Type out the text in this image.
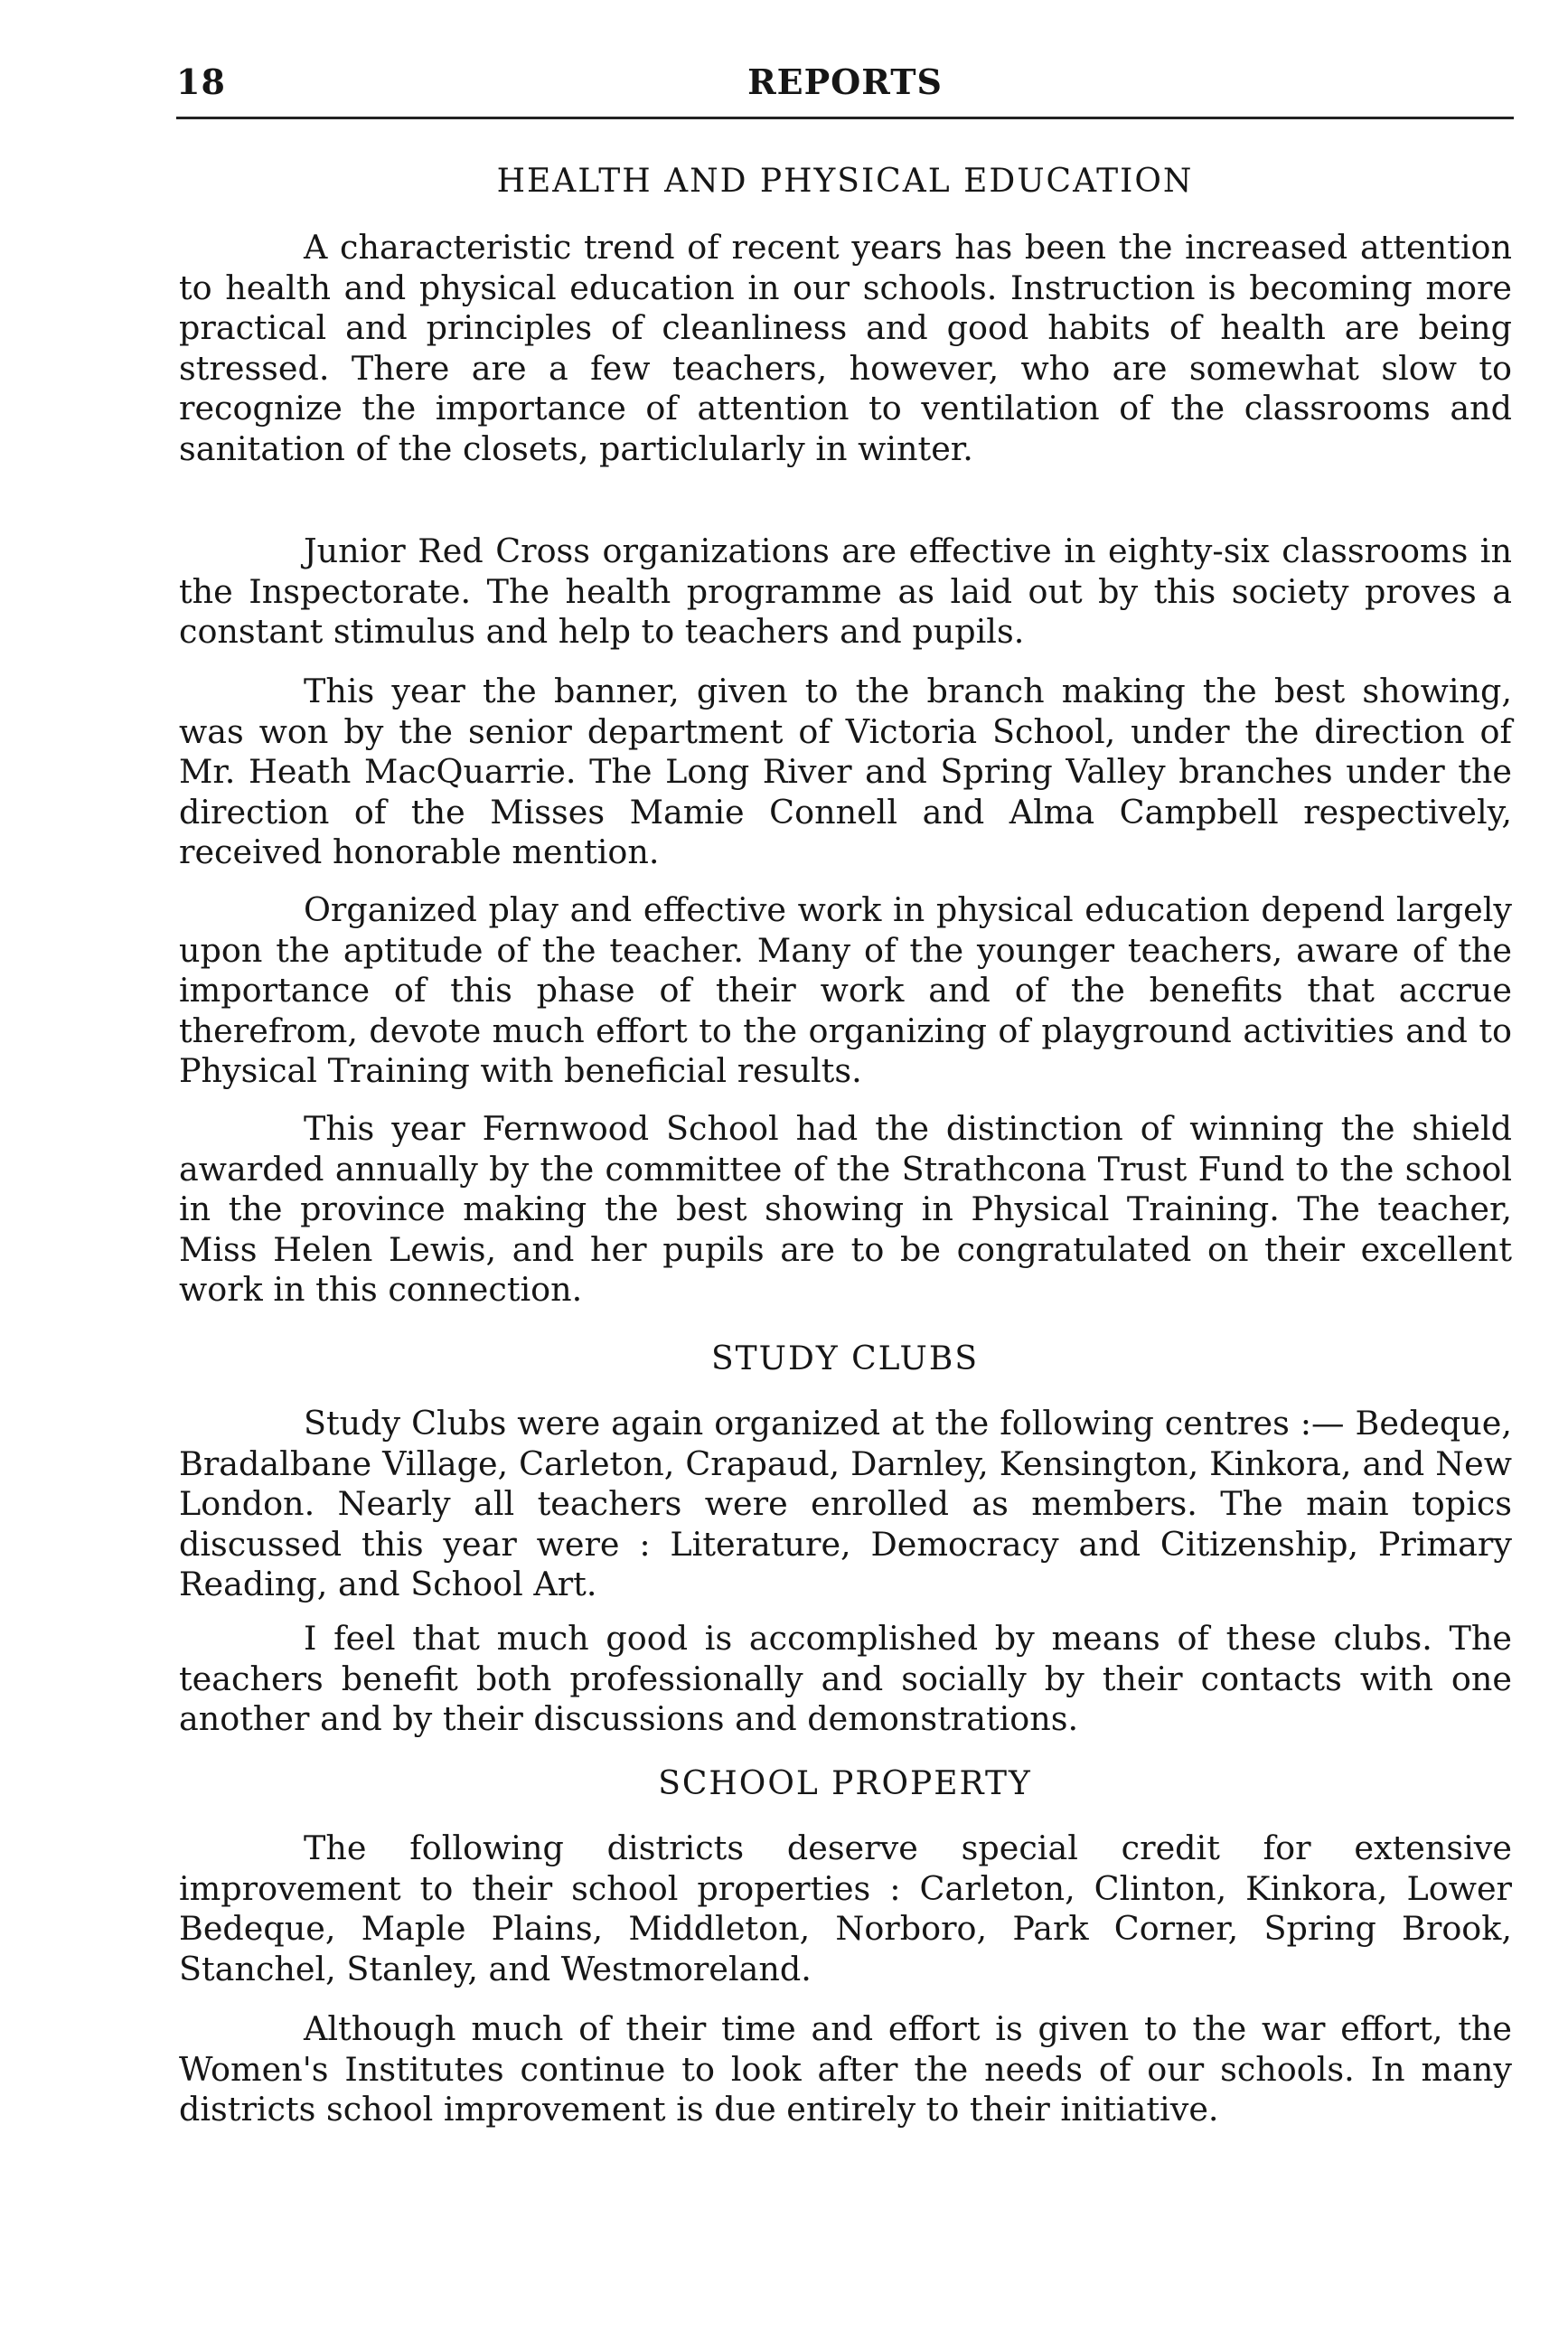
18	REPORTS
HEALTH AND PHYSICAL EDUCATION

A characteristic trend of recent years has been the increased attention to health and physical education in our schools. Instruction is becoming more practical and principles of cleanliness and good habits of health are being stressed. There are a few teachers, however, who are somewhat slow to recognize the importance of attention to ventilation of the classrooms and sanitation of the closets, particlularly in winter.

Junior Red Cross organizations are effective in eighty-six classrooms in the Inspectorate. The health programme as laid out by this society proves a constant stimulus and help to teachers and pupils.

This year the banner, given to the branch making the best showing, was won by the senior department of Victoria School, under the direction of Mr. Heath MacQuarrie. The Long River and Spring Valley branches under the direction of the Misses Mamie Connell and Alma Campbell respectively, received honorable mention.

Organized play and effective work in physical education depend largely upon the aptitude of the teacher. Many of the younger teachers, aware of the importance of this phase of their work and of the benefits that accrue therefrom, devote much effort to the organizing of playground activities and to Physical Training with beneficial results.

This year Fernwood School had the distinction of winning the shield awarded annually by the committee of the Strathcona Trust Fund to the school in the province making the best showing in Physical Training. The teacher, Miss Helen Lewis, and her pupils are to be congratulated on their excellent work in this connection.

STUDY CLUBS

Study Clubs were again organized at the following centres :— Bedeque, Bradalbane Village, Carleton, Crapaud, Darnley, Kensington, Kinkora, and New London. Nearly all teachers were enrolled as members. The main topics discussed this year were : Literature, Democracy and Citizenship, Primary Reading, and School Art.

I feel that much good is accomplished by means of these clubs. The teachers benefit both professionally and socially by their contacts with one another and by their discussions and demonstrations.

SCHOOL PROPERTY

The following districts deserve special credit for extensive improvement to their school properties : Carleton, Clinton, Kinkora, Lower Bedeque, Maple Plains, Middleton, Norboro, Park Corner, Spring Brook, Stanchel, Stanley, and Westmoreland.

Although much of their time and effort is given to the war effort, the Women's Institutes continue to look after the needs of our schools. In many districts school improvement is due entirely to their initiative.
